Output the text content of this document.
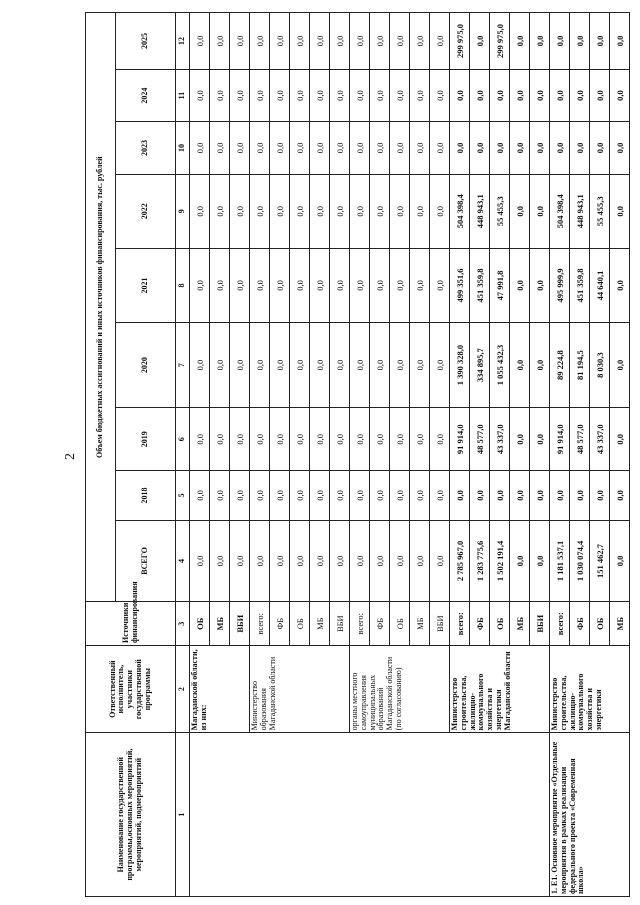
2
Наименование государственной программы,основных мероприятий, мероприятий, подмероприятий	Ответственный исполнитель, участники государственной программы	Источники финансирования	Объем бюджетных ассигнований и иных источников финансирования, тыс. рублей								
			ВСЕГО	2018	2019	2020	2021	2022	2023	2024	2025
1	2	3	4	5	6	7	8	9	10	11	12
	Магаданской области, из них:	ОБ	0,0	0,0	0,0	0,0	0,0	0,0	0,0	0,0	0,0
		МБ	0,0	0,0	0,0	0,0	0,0	0,0	0,0	0,0	0,0
		ВБИ	0,0	0,0	0,0	0,0	0,0	0,0	0,0	0,0	0,0
	Министерство образования Магаданской области	всего:	0,0	0,0	0,0	0,0	0,0	0,0	0,0	0,0	0,0
		ФБ	0,0	0,0	0,0	0,0	0,0	0,0	0,0	0,0	0,0
		ОБ	0,0	0,0	0,0	0,0	0,0	0,0	0,0	0,0	0,0
		МБ	0,0	0,0	0,0	0,0	0,0	0,0	0,0	0,0	0,0
		ВБИ	0,0	0,0	0,0	0,0	0,0	0,0	0,0	0,0	0,0
	органы местного самоуправления муниципальных образований Магаданской области (по согласованию)	всего:	0,0	0,0	0,0	0,0	0,0	0,0	0,0	0,0	0,0
		ФБ	0,0	0,0	0,0	0,0	0,0	0,0	0,0	0,0	0,0
		ОБ	0,0	0,0	0,0	0,0	0,0	0,0	0,0	0,0	0,0
		МБ	0,0	0,0	0,0	0,0	0,0	0,0	0,0	0,0	0,0
		ВБИ	0,0	0,0	0,0	0,0	0,0	0,0	0,0	0,0	0,0
	Министерство строительства, жилищно-коммунального хозяйства и энергетики Магаданской области	всего:	2 785 967,0	0,0	91 914,0	1 390 328,0	499 351,6	504 398,4	0,0	0,0	299 975,0
		ФБ	1 283 775,6	0,0	48 577,0	334 895,7	451 359,8	448 943,1	0,0	0,0	0,0
		ОБ	1 502 191,4	0,0	43 337,0	1 055 432,3	47 991,8	55 455,3	0,0	0,0	299 975,0
		МБ	0,0	0,0	0,0	0,0	0,0	0,0	0,0	0,0	0,0
		ВБИ	0,0	0,0	0,0	0,0	0,0	0,0	0,0	0,0	0,0
1. Е1. Основное мероприятие «Отдельные мероприятия в рамках реализации федерального проекта «Современная школа»	Министерство строительства, жилищно-коммунального хозяйства и энергетики	всего:	1 181 537,1	0,0	91 914,0	89 224,8	495 999,9	504 398,4	0,0	0,0	0,0
		ФБ	1 030 074,4	0,0	48 577,0	81 194,5	451 359,8	448 943,1	0,0	0,0	0,0
		ОБ	151 462,7	0,0	43 337,0	8 030,3	44 640,1	55 455,3	0,0	0,0	0,0
		МБ	0,0	0,0	0,0	0,0	0,0	0,0	0,0	0,0	0,0
